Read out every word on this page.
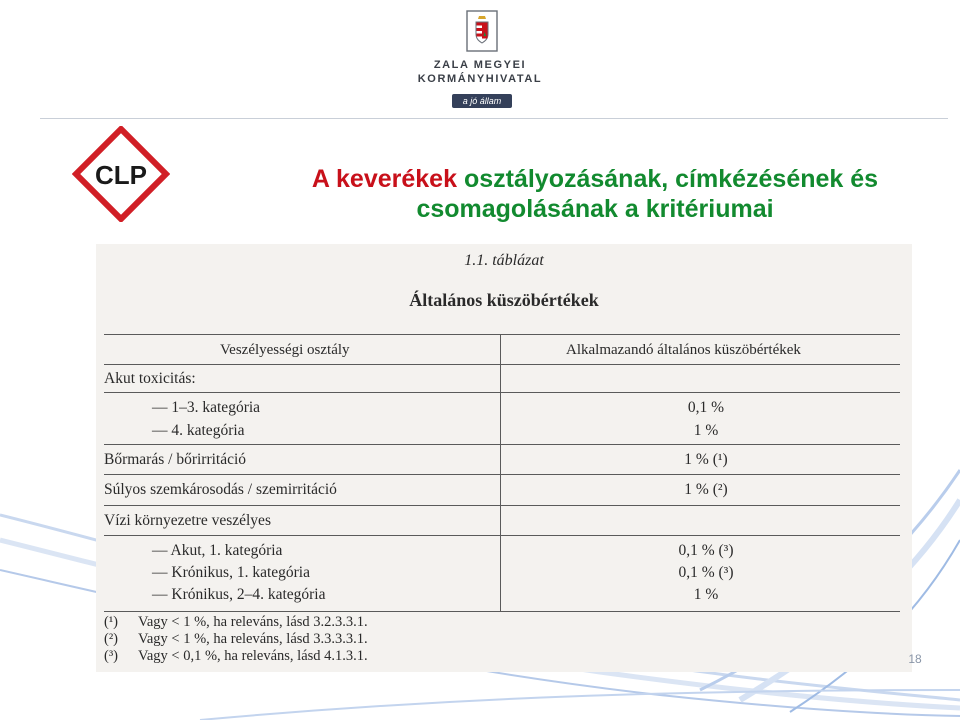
ZALA MEGYEI
KORMÁNYHIVATAL
a jó állam
CLP	A keverékek osztályozásának, címkézésének és
csomagolásának a kritériumai
1.1. táblázat
Általános küszöbértékek
Veszélyességi osztály	Alkalmazandó általános küszöbértékek
Akut toxicitás:
— 1–3. kategória	0,1 %
— 4. kategória	1 %
Bőrmarás / bőrirritáció	1 % (¹)
Súlyos szemkárosodás / szemirritáció	1 % (²)
Vízi környezetre veszélyes
— Akut, 1. kategória	0,1 % (³)
— Krónikus, 1. kategória	0,1 % (³)
— Krónikus, 2–4. kategória	1 %
(¹) Vagy < 1 %, ha releváns, lásd 3.2.3.3.1.
(²) Vagy < 1 %, ha releváns, lásd 3.3.3.3.1.
(³) Vagy < 0,1 %, ha releváns, lásd 4.1.3.1.	18
